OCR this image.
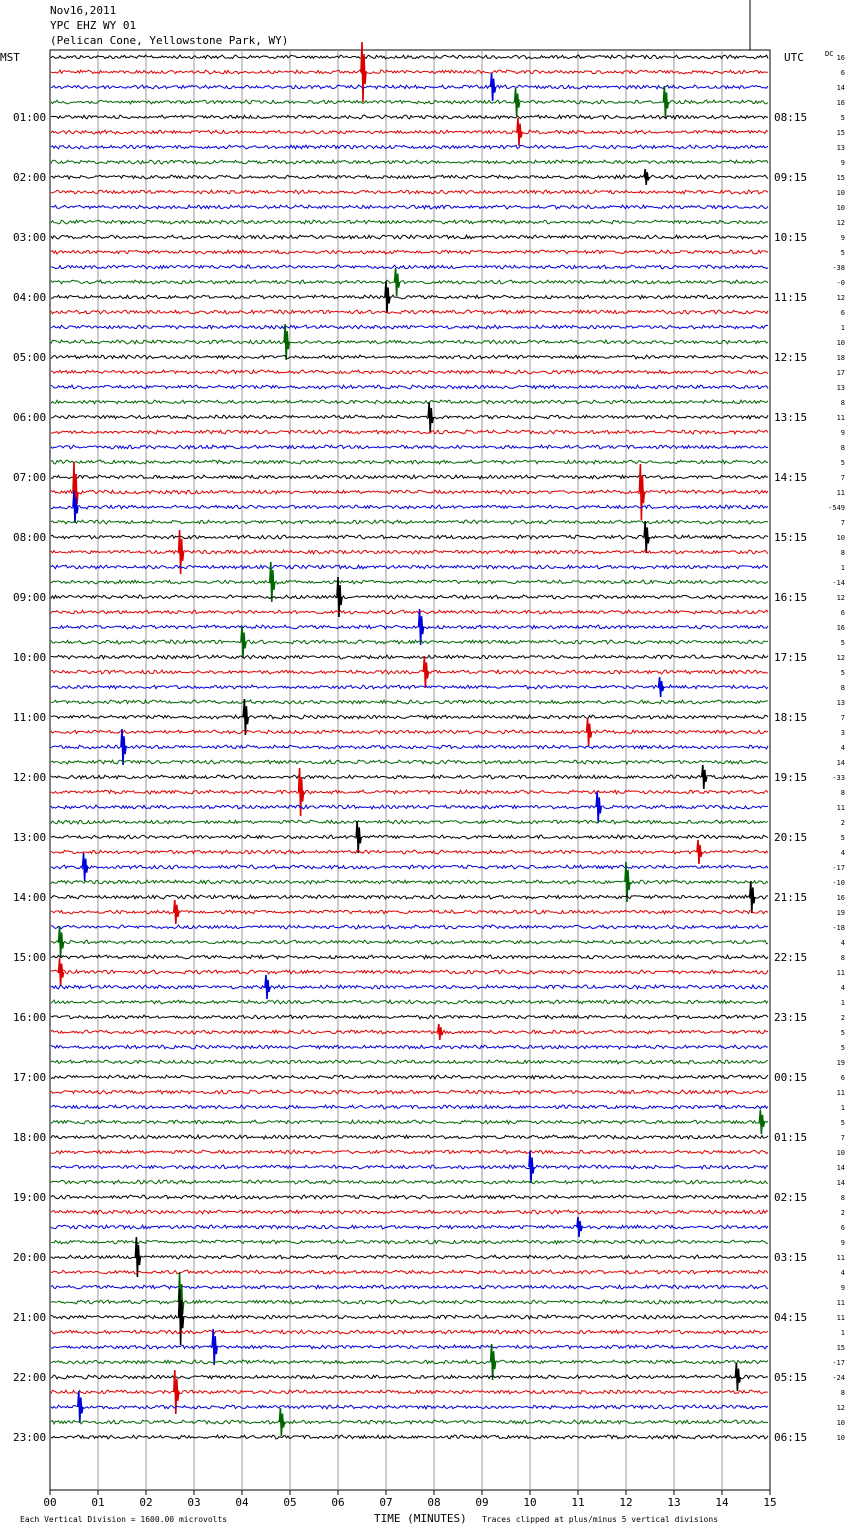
Nov16,2011
YPC EHZ WY 01
(Pelican Cone, Yellowstone Park, WY)
00	01	02	03	04	05	06	07	08	09	10	11	12	13	14	15
MST	UTC	DC
01:00
02:00
03:00
04:00
05:00
06:00
07:00
08:00
09:00
10:00
11:00
12:00
13:00
14:00
15:00
16:00
17:00
18:00
19:00
20:00
21:00
22:00
23:00
08:15
09:15
10:15
11:15
12:15
13:15
14:15
15:15
16:15
17:15
18:15
19:15
20:15
21:15
22:15
23:15
00:15
01:15
02:15
03:15
04:15
05:15
06:15
16
6
14
16
5
15
13
9
15
10
10
12
9
5
-38
-0
12
6
1
10
18
17
13
8
11
9
8
5
7
11
-549
7
10
8
1
-14
12
6
16
5
12
5
8
13
7
3
4
14
-33
8
11
2
5
4
-17
-10
16
19
-18
4
8
11
4
1
2
5
5
19
6
11
1
5
7
10
14
14
8
2
6
9
11
4
9
11
11
1
15
-17
-24
8
12
10
10
Each Vertical Division = 1600.00 microvolts	TIME (MINUTES) Traces clipped at plus/minus 5 vertical divisions
